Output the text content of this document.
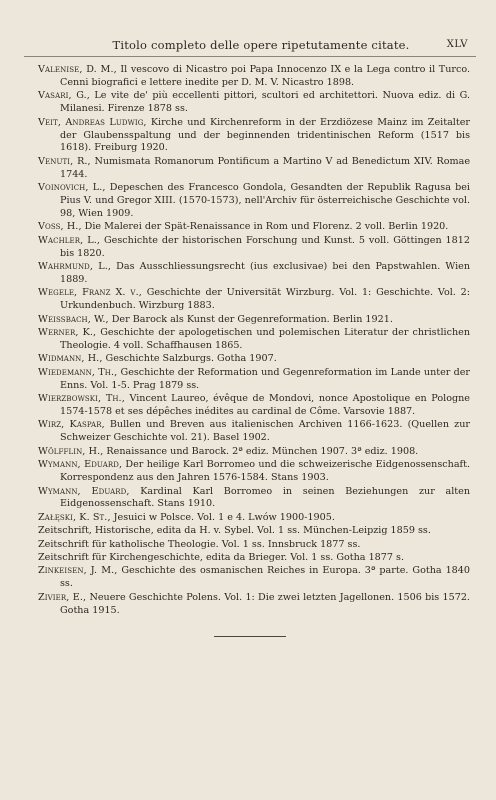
Titolo completo delle opere ripetutamente citate.	XLV
Valenise, D. M., Il vescovo di Nicastro poi Papa Innocenzo IX e la Lega contro il Turco. Cenni biografici e lettere inedite per D. M. V. Nicastro 1898.
Vasari, G., Le vite de' più eccellenti pittori, scultori ed architettori. Nuova ediz. di G. Milanesi. Firenze 1878 ss.
Veit, Andreas Ludwig, Kirche und Kirchenreform in der Erzdiözese Mainz im Zeitalter der Glaubensspaltung und der beginnenden tridentinischen Reform (1517 bis 1618). Freiburg 1920.
Venuti, R., Numismata Romanorum Pontificum a Martino V ad Benedictum XIV. Romae 1744.
Voinovich, L., Depeschen des Francesco Gondola, Gesandten der Republik Ragusa bei Pius V. und Gregor XIII. (1570-1573), nell'Archiv für österreichische Geschichte vol. 98, Wien 1909.
Voss, H., Die Malerei der Spät-Renaissance in Rom und Florenz. 2 voll. Berlin 1920.
Wachler, L., Geschichte der historischen Forschung und Kunst. 5 voll. Göttingen 1812 bis 1820.
Wahrmund, L., Das Ausschliessungsrecht (ius exclusivae) bei den Papstwahlen. Wien 1889.
Wegele, Franz X. v., Geschichte der Universität Wirzburg. Vol. 1: Geschichte. Vol. 2: Urkundenbuch. Wirzburg 1883.
Weissbach, W., Der Barock als Kunst der Gegenreformation. Berlin 1921.
Werner, K., Geschichte der apologetischen und polemischen Literatur der christlichen Theologie. 4 voll. Schaffhausen 1865.
Widmann, H., Geschichte Salzburgs. Gotha 1907.
Wiedemann, Th., Geschichte der Reformation und Gegenreformation im Lande unter der Enns. Vol. 1-5. Prag 1879 ss.
Wierzbowski, Th., Vincent Laureo, évêque de Mondovi, nonce Apostolique en Pologne 1574-1578 et ses dépêches inédites au cardinal de Côme. Varsovie 1887.
Wirz, Kaspar, Bullen und Breven aus italienischen Archiven 1166-1623. (Quellen zur Schweizer Geschichte vol. 21). Basel 1902.
Wölfflin, H., Renaissance und Barock. 2ª ediz. München 1907. 3ª ediz. 1908.
Wymann, Eduard, Der heilige Karl Borromeo und die schweizerische Eidgenossenschaft. Korrespondenz aus den Jahren 1576-1584. Stans 1903.
Wymann, Eduard, Kardinal Karl Borromeo in seinen Beziehungen zur alten Eidgenossenschaft. Stans 1910.
Załęski, K. St., Jesuici w Polsce. Vol. 1 e 4. Lwów 1900-1905.
Zeitschrift, Historische, edita da H. v. Sybel. Vol. 1 ss. München-Leipzig 1859 ss.
Zeitschrift für katholische Theologie. Vol. 1 ss. Innsbruck 1877 ss.
Zeitschrift für Kirchengeschichte, edita da Brieger. Vol. 1 ss. Gotha 1877 s.
Zinkeisen, J. M., Geschichte des osmanischen Reiches in Europa. 3ª parte. Gotha 1840 ss.
Zivier, E., Neuere Geschichte Polens. Vol. 1: Die zwei letzten Jagellonen. 1506 bis 1572. Gotha 1915.
